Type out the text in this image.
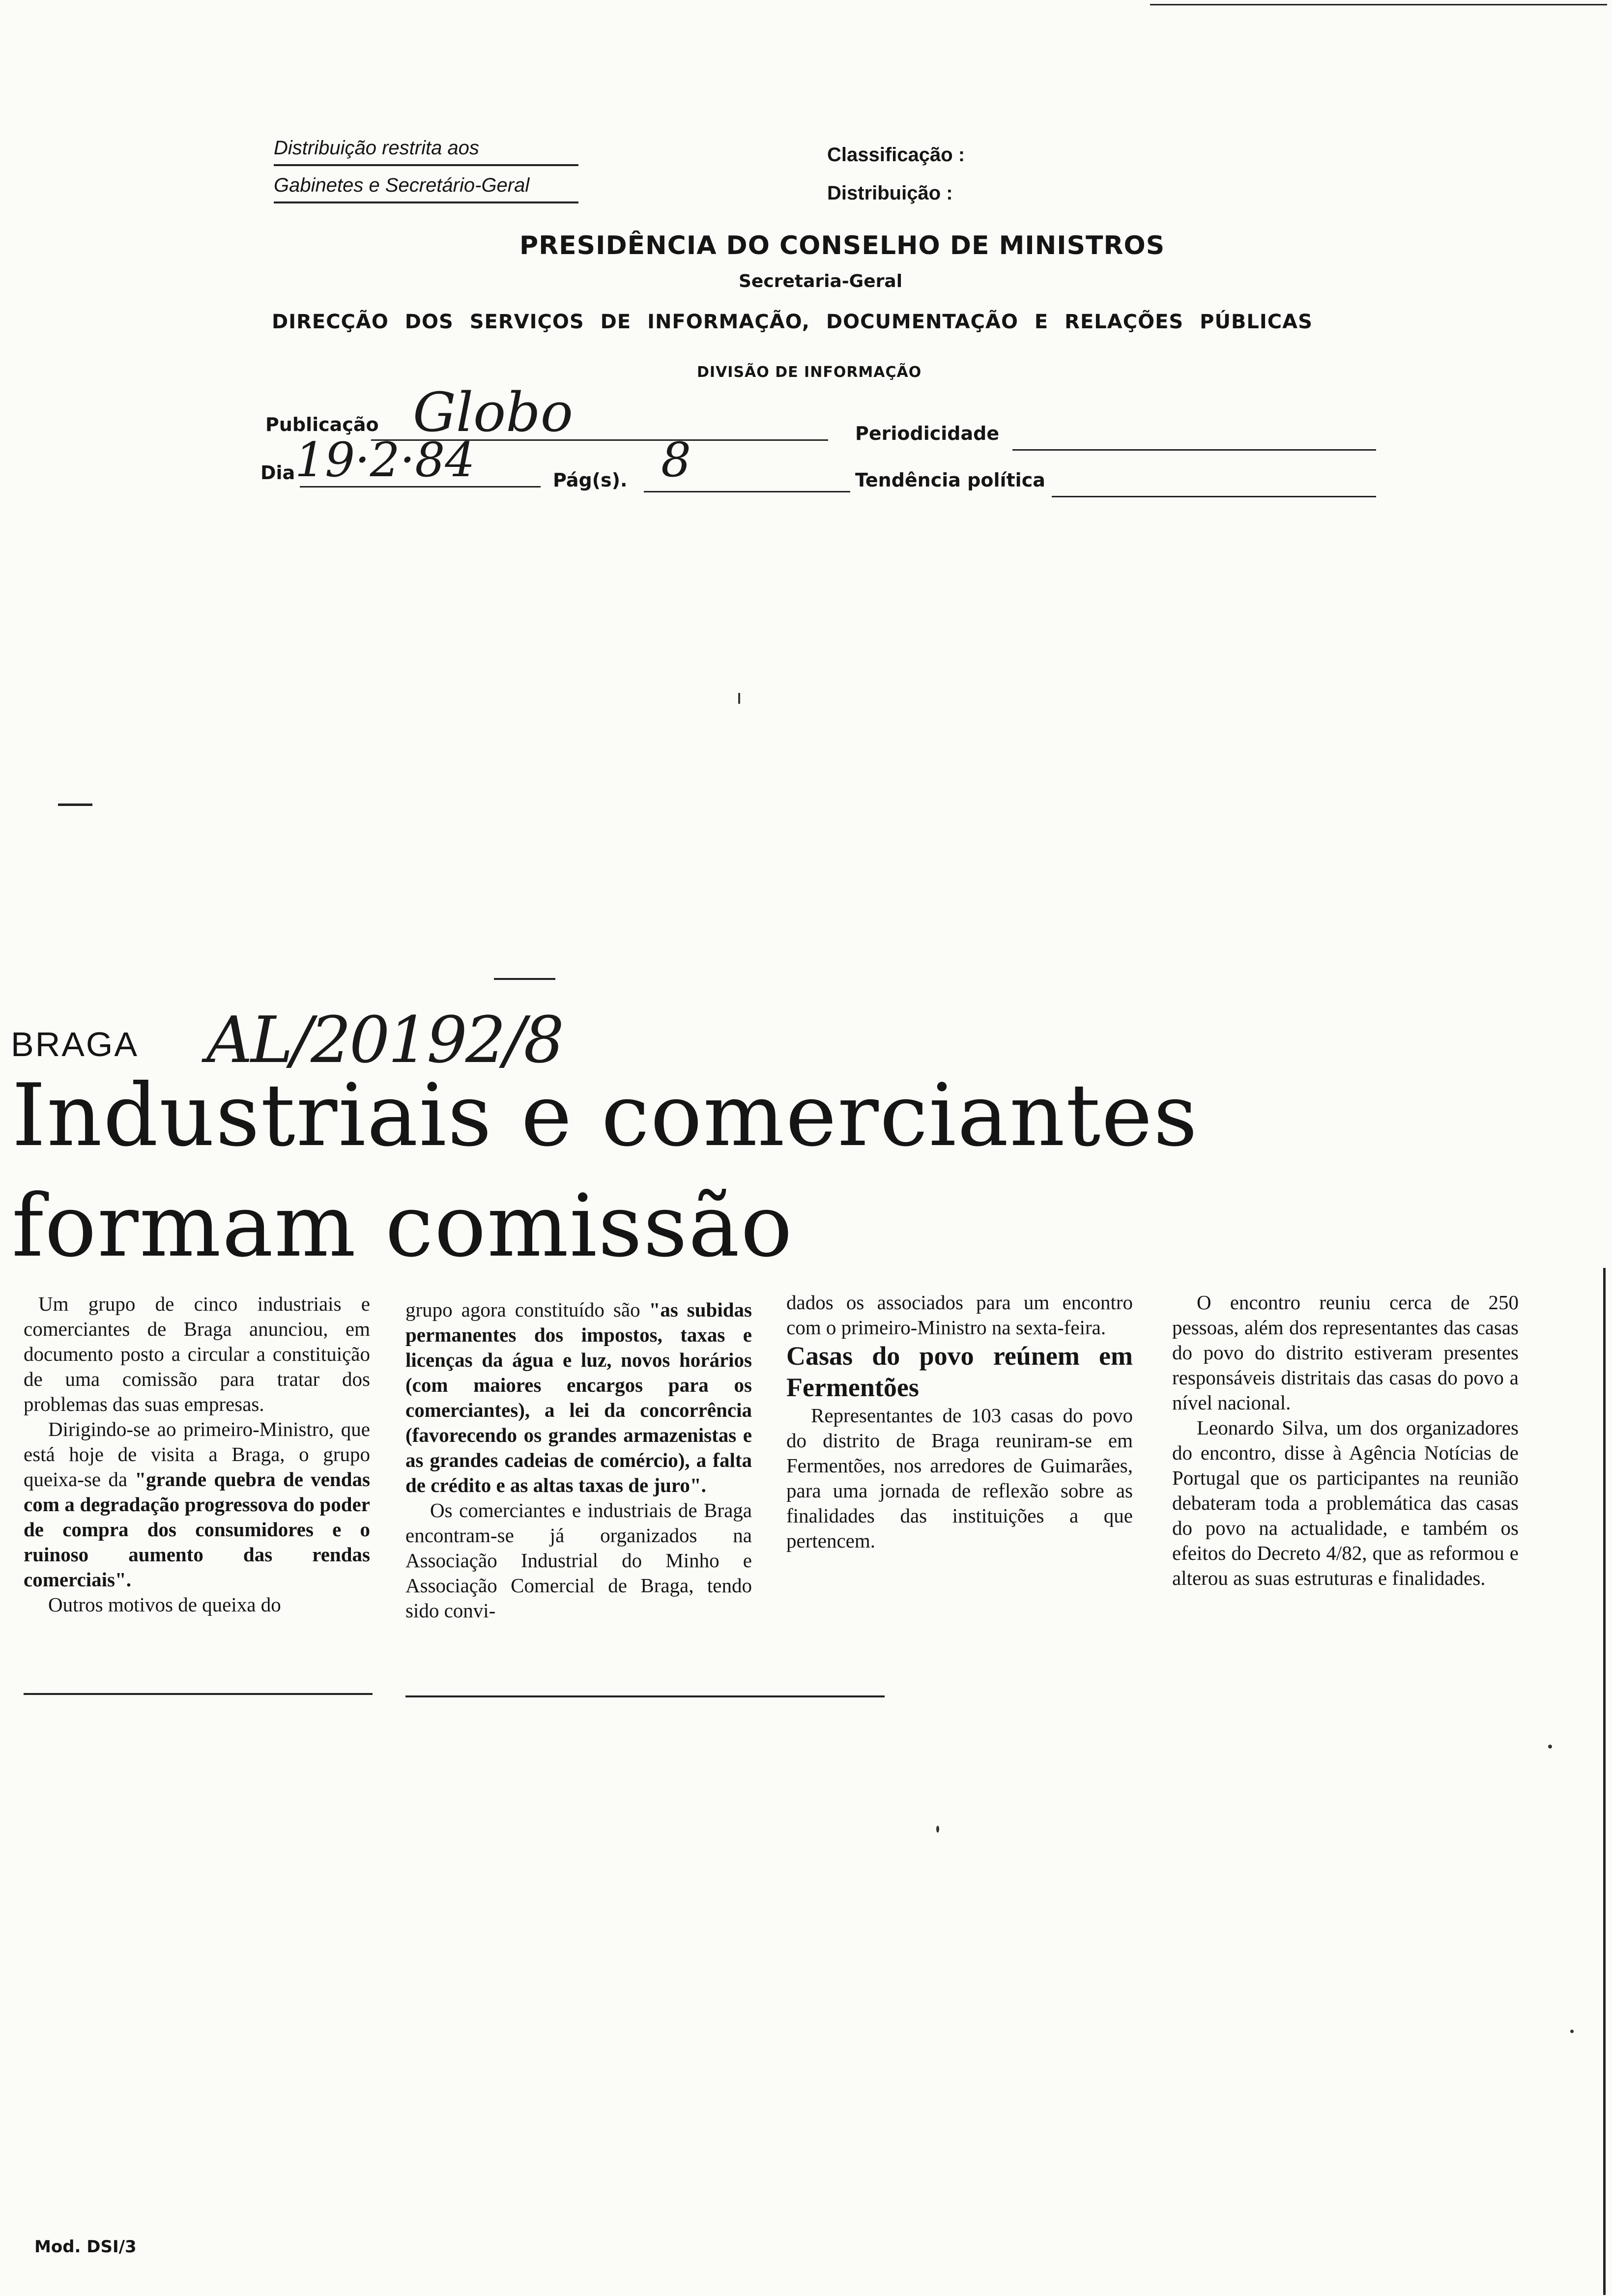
Distribuição restrita aos
Gabinetes e Secretário-Geral
Classificação :
Distribuição :
PRESIDÊNCIA DO CONSELHO DE MINISTROS
Secretaria-Geral
DIRECÇÃO DOS SERVIÇOS DE INFORMAÇÃO, DOCUMENTAÇÃO E RELAÇÕES PÚBLICAS
DIVISÃO DE INFORMAÇÃO
Publicação Globo	Periodicidade
Dia 19·2·84	Pág(s). 8	Tendência política
BRAGA AL/20192/8
Industriais e comerciantes
formam comissão

Um grupo de cinco industriais e comerciantes de Braga anunciou, em documento posto a circular a constituição de uma comissão para tratar dos problemas das suas empresas.

Dirigindo-se ao primeiro-Ministro, que está hoje de visita a Braga, o grupo queixa-se da "grande quebra de vendas com a degradação progressova do poder de compra dos consumidores e o ruinoso aumento das rendas comerciais".

Outros motivos de queixa do

grupo agora constituído são "as subidas permanentes dos impostos, taxas e licenças da água e luz, novos horários (com maiores encargos para os comerciantes), a lei da concorrência (favorecendo os grandes armazenistas e as grandes cadeias de comércio), a falta de crédito e as altas taxas de juro".

Os comerciantes e industriais de Braga encontram-se já organizados na Associação Industrial do Minho e Associação Comercial de Braga, tendo sido convi-

dados os associados para um encontro com o primeiro-Ministro na sexta-feira.

Casas do povo reúnem em Fermentões

Representantes de 103 casas do povo do distrito de Braga reuniram-se em Fermentões, nos arredores de Guimarães, para uma jornada de reflexão sobre as finalidades das instituições a que pertencem.

O encontro reuniu cerca de 250 pessoas, além dos representantes das casas do povo do distrito estiveram presentes responsáveis distritais das casas do povo a nível nacional.

Leonardo Silva, um dos organizadores do encontro, disse à Agência Notícias de Portugal que os participantes na reunião debateram toda a problemática das casas do povo na actualidade, e também os efeitos do Decreto 4/82, que as reformou e alterou as suas estruturas e finalidades.

Mod. DSI/3
